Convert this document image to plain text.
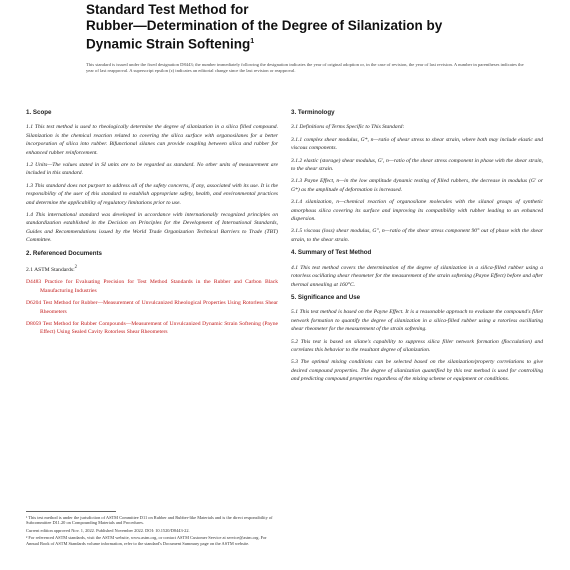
Standard Test Method for
Rubber—Determination of the Degree of Silanization by
Dynamic Strain Softening$^1$
This standard is issued under the fixed designation D8443; the number immediately following the designation indicates the year of original adoption or, in the case of revision, the year of last revision. A number in parentheses indicates the year of last reapproval. A superscript epsilon (ε) indicates an editorial change since the last revision or reapproval.
1. Scope

1.1 This test method is used to rheologically determine the degree of silanization in a silica filled compound. Silanization is the chemical reaction related to covering the silica surface with organosilanes for a better incorporation of silica into rubber. Bifunctional silanes can provide coupling between silica and rubber for enhanced rubber reinforcement.

1.2 Units—The values stated in SI units are to be regarded as standard. No other units of measurement are included in this standard.

1.3 This standard does not purport to address all of the safety concerns, if any, associated with its use. It is the responsibility of the user of this standard to establish appropriate safety, health, and environmental practices and determine the applicability of regulatory limitations prior to use.

1.4 This international standard was developed in accordance with internationally recognized principles on standardization established in the Decision on Principles for the Development of International Standards, Guides and Recommendations issued by the World Trade Organization Technical Barriers to Trade (TBT) Committee.

2. Referenced Documents

2.1 ASTM Standards:$^2$

D4483 Practice for Evaluating Precision for Test Method Standards in the Rubber and Carbon Black Manufacturing Industries

D6204 Test Method for Rubber—Measurement of Unvulcanized Rheological Properties Using Rotorless Shear Rheometers

D8059 Test Method for Rubber Compounds—Measurement of Unvulcanized Dynamic Strain Softening (Payne Effect) Using Sealed Cavity Rotorless Shear Rheometers

¹ This test method is under the jurisdiction of ASTM Committee D11 on Rubber and Rubber-like Materials and is the direct responsibility of Subcommittee D11.20 on Compounding Materials and Procedures.

Current edition approved Nov. 1, 2022. Published November 2022. DOI: 10.1520/D8443-22.

² For referenced ASTM standards, visit the ASTM website, www.astm.org, or contact ASTM Customer Service at service@astm.org. For Annual Book of ASTM Standards volume information, refer to the standard's Document Summary page on the ASTM website.

3. Terminology

3.1 Definitions of Terms Specific to This Standard:

3.1.1 complex shear modulus, G*, n—ratio of shear stress to shear strain, where both may include elastic and viscous components.

3.1.2 elastic (storage) shear modulus, G′, n—ratio of the shear stress component in phase with the shear strain, to the shear strain.

3.1.3 Payne Effect, n—in the low amplitude dynamic testing of filled rubbers, the decrease in modulus (G′ or G*) as the amplitude of deformation is increased.

3.1.4 silanization, n—chemical reaction of organosilane molecules with the silanol groups of synthetic amorphous silica covering its surface and improving its compatibility with rubber leading to an enhanced dispersion.

3.1.5 viscous (loss) shear modulus, G″, n—ratio of the shear stress component 90° out of phase with the shear strain, to the shear strain.

4. Summary of Test Method

4.1 This test method covers the determination of the degree of silanization in a silica-filled rubber using a rotorless oscillating shear rheometer for the measurement of the strain softening (Payne Effect) before and after thermal annealing at 160°C.

5. Significance and Use

5.1 This test method is based on the Payne Effect. It is a reasonable approach to evaluate the compound's filler network formation to quantify the degree of silanization in a silica-filled rubber using a rotorless oscillating shear rheometer for the measurement of the strain softening.

5.2 This test is based on silane's capability to suppress silica filler network formation (flocculation) and correlates this behavior to the resultant degree of silanization.

5.3 The optimal mixing conditions can be selected based on the silanization/property correlations to give desired compound properties. The degree of silanization quantified by this test method is used for controlling and predicting compound properties regardless of the mixing scheme or equipment or conditions.
